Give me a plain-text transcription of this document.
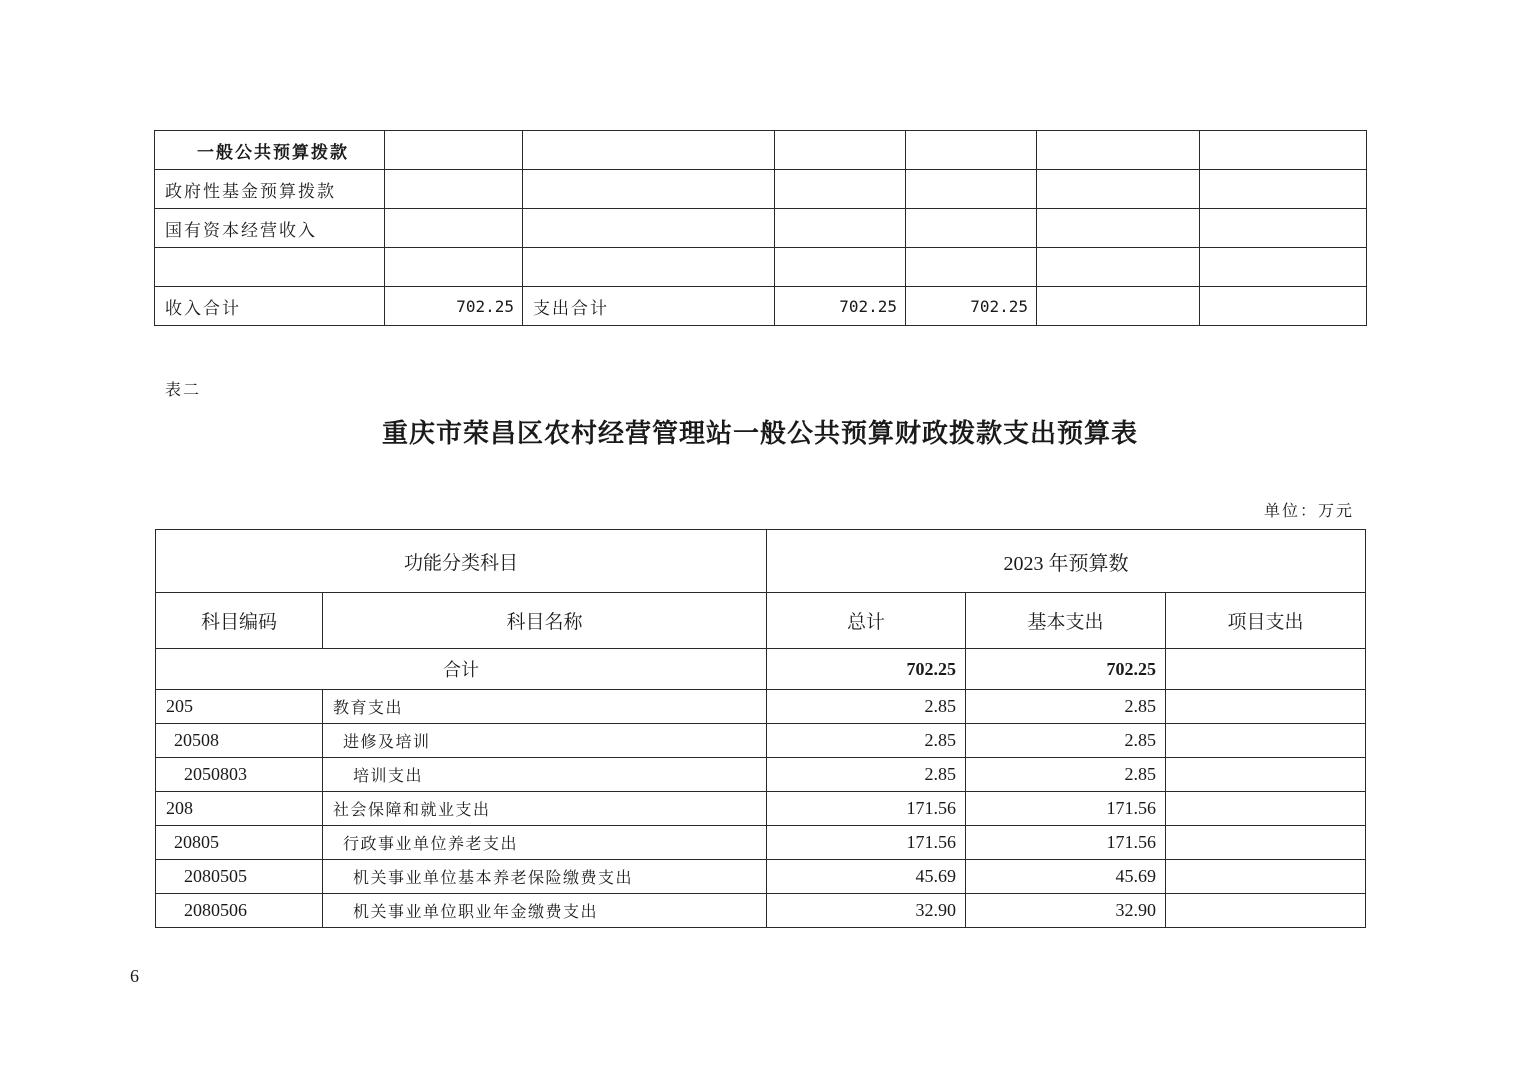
一般公共预算拨款						
政府性基金预算拨款						
国有资本经营收入						

收入合计	702.25	支出合计	702.25	702.25		
表二
重庆市荣昌区农村经营管理站一般公共预算财政拨款支出预算表
单位：万元
功能分类科目		2023 年预算数		
科目编码	科目名称	总计	基本支出	项目支出
合计		702.25	702.25	
205	教育支出	2.85	2.85	
20508	进修及培训	2.85	2.85	
2050803	培训支出	2.85	2.85	
208	社会保障和就业支出	171.56	171.56	
20805	行政事业单位养老支出	171.56	171.56	
2080505	机关事业单位基本养老保险缴费支出	45.69	45.69	
2080506	机关事业单位职业年金缴费支出	32.90	32.90	
6
